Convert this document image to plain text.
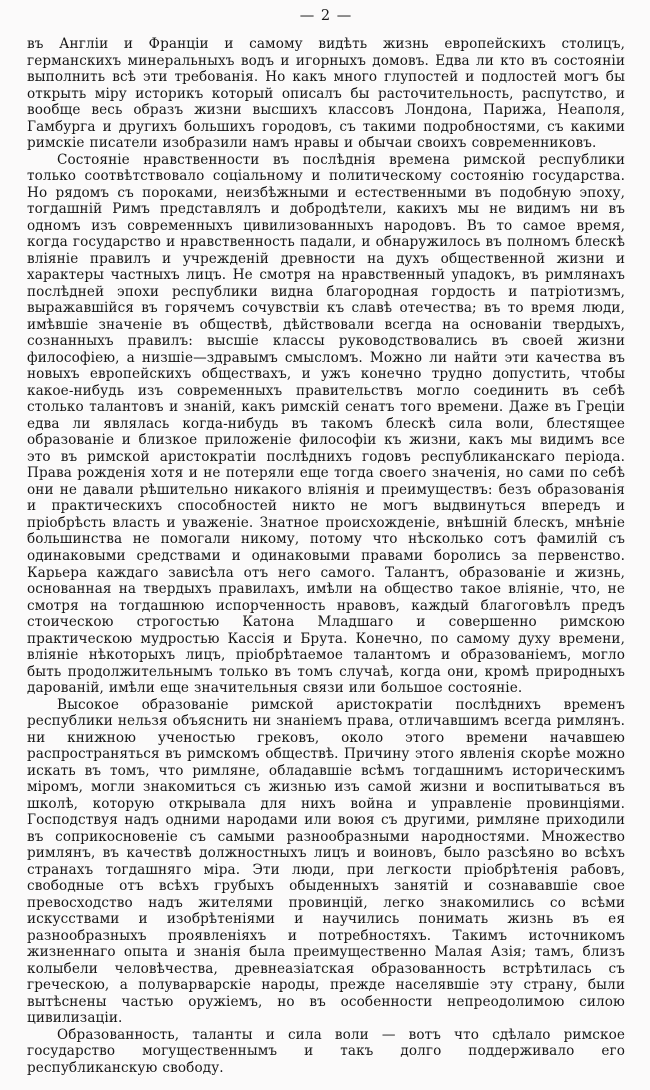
— 2 —

въ Англіи и Франціи и самому видѣть жизнь европейскихъ столицъ, германскихъ минеральныхъ водъ и игорныхъ домовъ. Едва ли кто въ состояніи выполнить всѣ эти требованія. Но какъ много глупостей и подлостей могъ бы открыть міру историкъ который описалъ бы расточительность, распутство, и вообще весь образъ жизни высшихъ классовъ Лондона, Парижа, Неаполя, Гамбурга и другихъ большихъ городовъ, съ такими подробностями, съ какими римскіе писатели изобразили намъ нравы и обычаи своихъ современниковъ.

Состояніе нравственности въ послѣднія времена римской республики только соотвѣтствовало соціальному и политическому состоянію государства. Но рядомъ съ пороками, неизбѣжными и естественными въ подобную эпоху, тогдашній Римъ представлялъ и добродѣтели, какихъ мы не видимъ ни въ одномъ изъ современныхъ цивилизованныхъ народовъ. Въ то самое время, когда государство и нравственность падали, и обнаружилось въ полномъ блескѣ вліяніе правилъ и учрежденій древности на духъ общественной жизни и характеры частныхъ лицъ. Не смотря на нравственный упадокъ, въ римлянахъ послѣдней эпохи республики видна благородная гордость и патріотизмъ, выражавшійся въ горячемъ сочувствіи къ славѣ отечества; въ то время люди, имѣвшіе значеніе въ обществѣ, дѣйствовали всегда на основаніи твердыхъ, сознанныхъ правилъ: высшіе классы руководствовались въ своей жизни философіею, а низшіе—здравымъ смысломъ. Можно ли найти эти качества въ новыхъ европейскихъ обществахъ, и ужъ конечно трудно допустить, чтобы какое-нибудь изъ современныхъ правительствъ могло соединить въ себѣ столько талантовъ и знаній, какъ римскій сенатъ того времени. Даже въ Греціи едва ли являлась когда-нибудь въ такомъ блескѣ сила воли, блестящее образованіе и близкое приложеніе философіи къ жизни, какъ мы видимъ все это въ римской аристократіи послѣднихъ годовъ республиканскаго періода. Права рожденія хотя и не потеряли еще тогда своего значенія, но сами по себѣ они не давали рѣшительно никакого вліянія и преимуществъ: безъ образованія и практическихъ способностей никто не могъ выдвинуться впередъ и пріобрѣсть власть и уваженіе. Знатное происхожденіе, внѣшній блескъ, мнѣніе большинства не помогали никому, потому что нѣсколько сотъ фамилій съ одинаковыми средствами и одинаковыми правами боролись за первенство. Карьера каждаго зависѣла отъ него самого. Талантъ, образованіе и жизнь, основанная на твердыхъ правилахъ, имѣли на общество такое вліяніе, что, не смотря на тогдашнюю испорченность нравовъ, каждый благоговѣлъ предъ стоическою строгостью Катона Младшаго и совершенно римскою практическою мудростью Кассія и Брута. Конечно, по самому духу времени, вліяніе нѣкоторыхъ лицъ, пріобрѣтаемое талантомъ и образованіемъ, могло быть продолжительнымъ только въ томъ случаѣ, когда они, кромѣ природныхъ дарованій, имѣли еще значительныя связи или большое состояніе.

Высокое образованіе римской аристократіи послѣднихъ временъ республики нельзя объяснить ни знаніемъ права, отличавшимъ всегда римлянъ. ни книжною ученостью грековъ, около этого времени начавшею распространяться въ римскомъ обществѣ. Причину этого явленія скорѣе можно искать въ томъ, что римляне, обладавшіе всѣмъ тогдашнимъ историческимъ міромъ, могли знакомиться съ жизнью изъ самой жизни и воспитываться въ школѣ, которую открывала для нихъ война и управленіе провинціями. Господствуя надъ одними народами или воюя съ другими, римляне приходили въ соприкосновеніе съ самыми разнообразными народностями. Множество римлянъ, въ качествѣ должностныхъ лицъ и воиновъ, было разсѣяно во всѣхъ странахъ тогдашняго міра. Эти люди, при легкости пріобрѣтенія рабовъ, свободные отъ всѣхъ грубыхъ обыденныхъ занятій и сознававшіе свое превосходство надъ жителями провинцій, легко знакомились со всѣми искусствами и изобрѣтеніями и научились понимать жизнь въ ея разнообразныхъ проявленіяхъ и потребностяхъ. Такимъ источникомъ жизненнаго опыта и знанія была преимущественно Малая Азія; тамъ, близъ колыбели человѣчества, древнеазіатская образованность встрѣтилась съ греческою, а полуварварскіе народы, прежде населявшіе эту страну, были вытѣснены частью оружіемъ, но въ особенности непреодолимою силою цивилизаціи.

Образованность, таланты и сила воли — вотъ что сдѣлало римское государство могущественнымъ и такъ долго поддерживало его республиканскую свободу.
